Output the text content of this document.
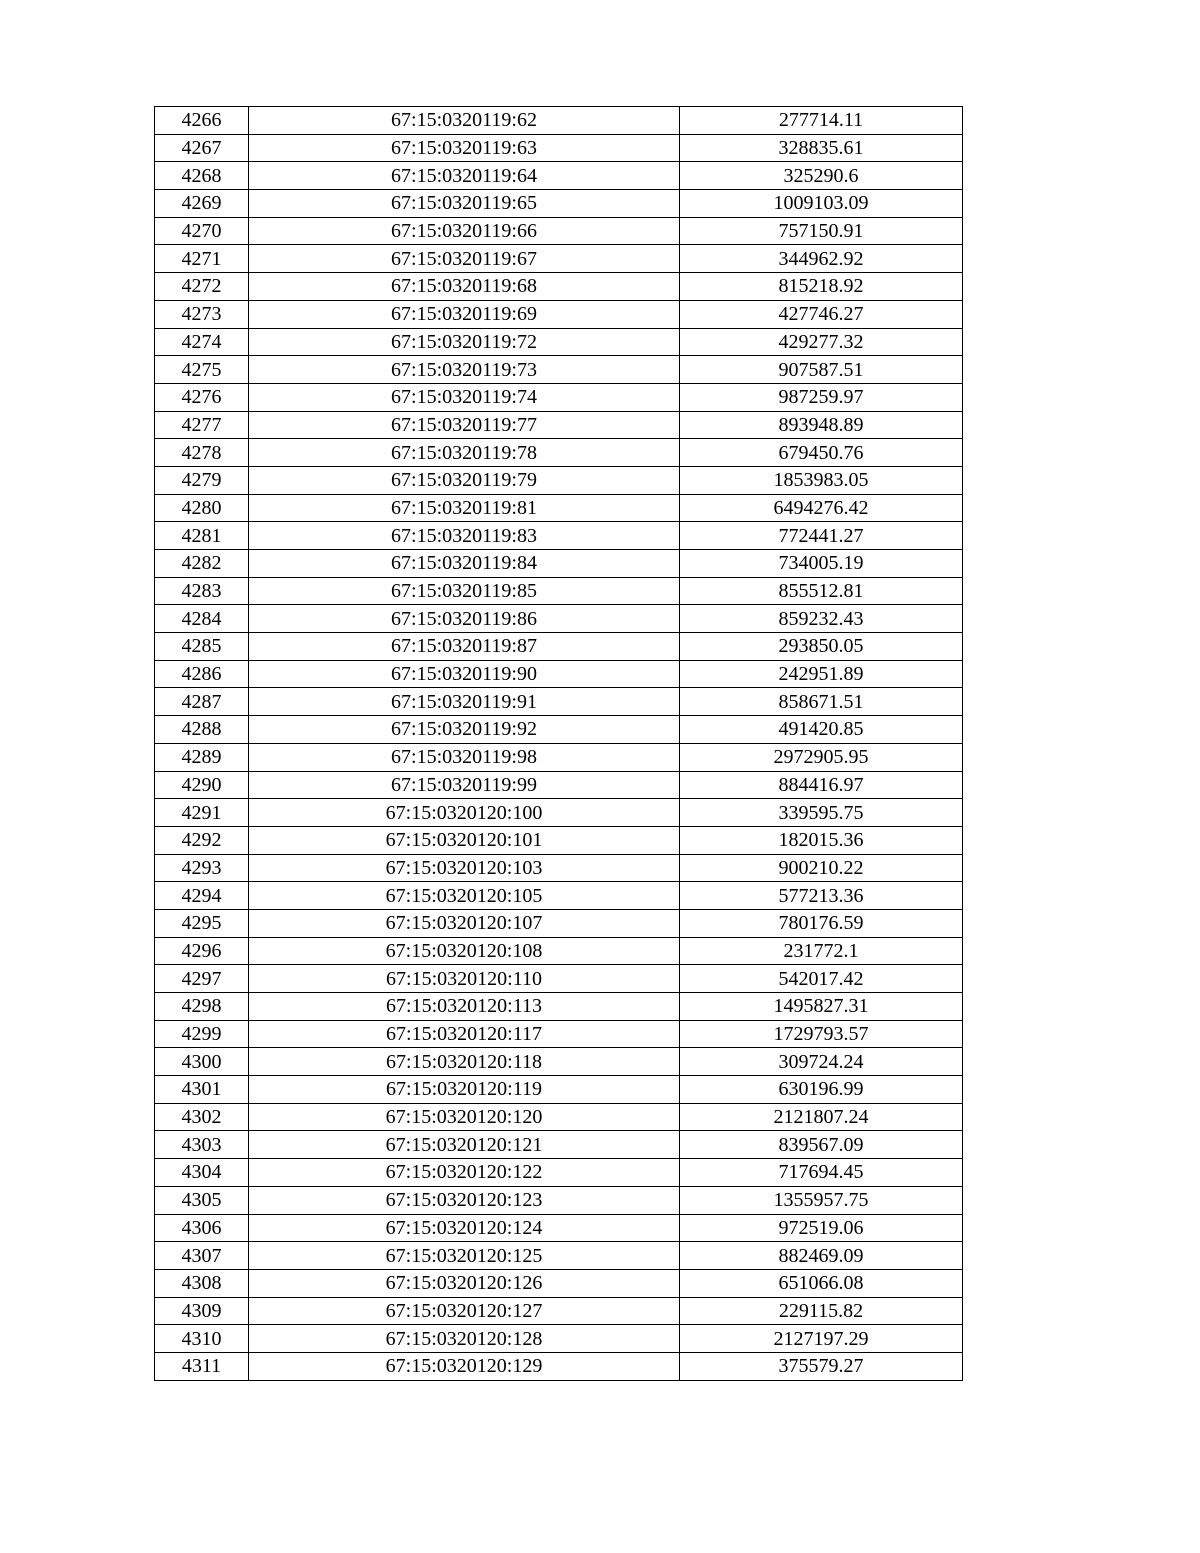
4266	67:15:0320119:62	277714.11
4267	67:15:0320119:63	328835.61
4268	67:15:0320119:64	325290.6
4269	67:15:0320119:65	1009103.09
4270	67:15:0320119:66	757150.91
4271	67:15:0320119:67	344962.92
4272	67:15:0320119:68	815218.92
4273	67:15:0320119:69	427746.27
4274	67:15:0320119:72	429277.32
4275	67:15:0320119:73	907587.51
4276	67:15:0320119:74	987259.97
4277	67:15:0320119:77	893948.89
4278	67:15:0320119:78	679450.76
4279	67:15:0320119:79	1853983.05
4280	67:15:0320119:81	6494276.42
4281	67:15:0320119:83	772441.27
4282	67:15:0320119:84	734005.19
4283	67:15:0320119:85	855512.81
4284	67:15:0320119:86	859232.43
4285	67:15:0320119:87	293850.05
4286	67:15:0320119:90	242951.89
4287	67:15:0320119:91	858671.51
4288	67:15:0320119:92	491420.85
4289	67:15:0320119:98	2972905.95
4290	67:15:0320119:99	884416.97
4291	67:15:0320120:100	339595.75
4292	67:15:0320120:101	182015.36
4293	67:15:0320120:103	900210.22
4294	67:15:0320120:105	577213.36
4295	67:15:0320120:107	780176.59
4296	67:15:0320120:108	231772.1
4297	67:15:0320120:110	542017.42
4298	67:15:0320120:113	1495827.31
4299	67:15:0320120:117	1729793.57
4300	67:15:0320120:118	309724.24
4301	67:15:0320120:119	630196.99
4302	67:15:0320120:120	2121807.24
4303	67:15:0320120:121	839567.09
4304	67:15:0320120:122	717694.45
4305	67:15:0320120:123	1355957.75
4306	67:15:0320120:124	972519.06
4307	67:15:0320120:125	882469.09
4308	67:15:0320120:126	651066.08
4309	67:15:0320120:127	229115.82
4310	67:15:0320120:128	2127197.29
4311	67:15:0320120:129	375579.27
